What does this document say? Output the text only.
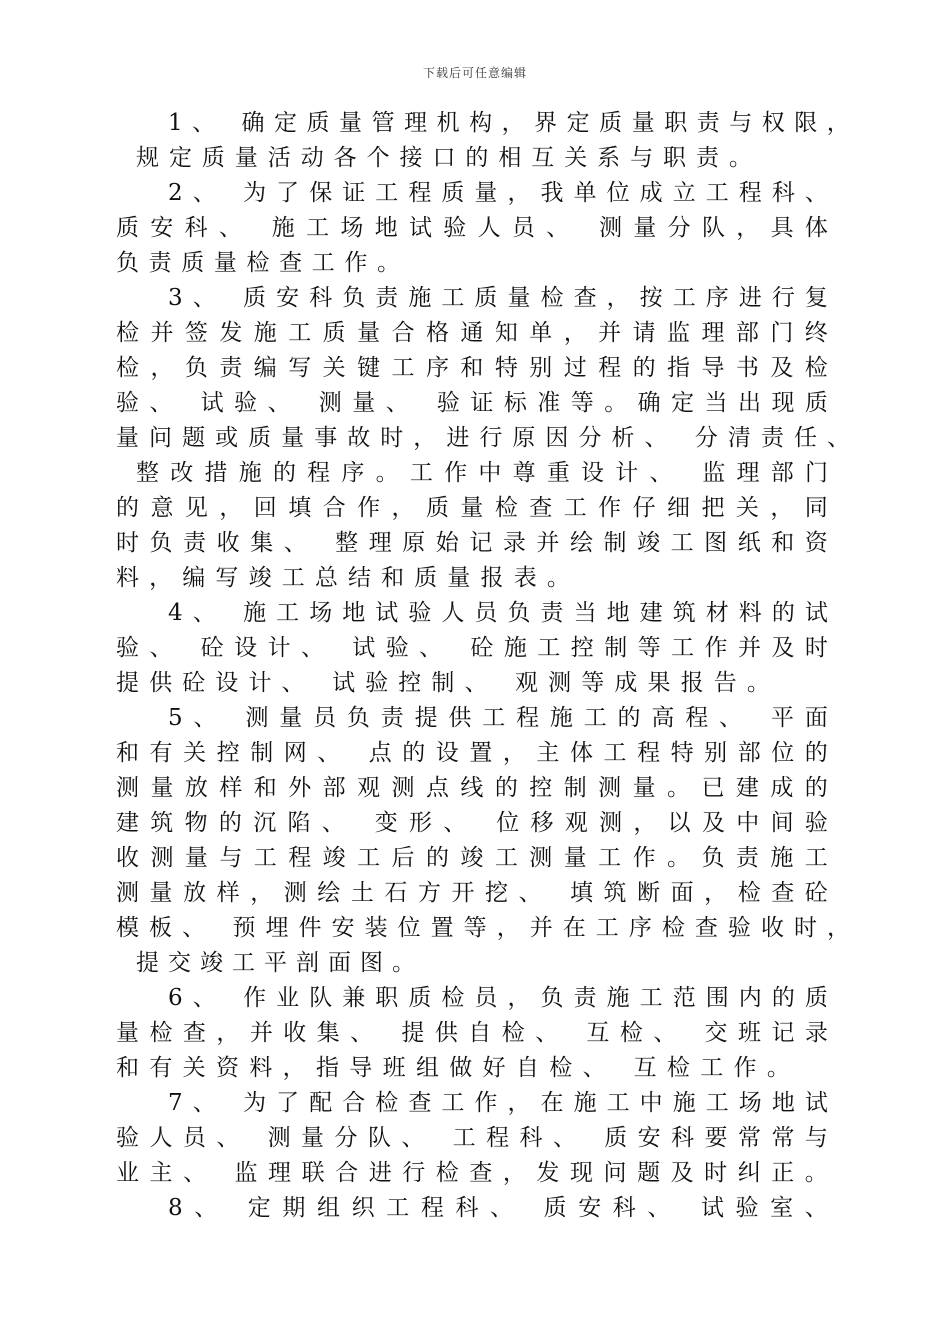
下载后可任意编辑
1 、
确 定 质 量 管 理 机 构 ， 界 定 质 量 职 责 与 权 限 ，
规 定 质 量 活 动 各 个 接 口 的 相 互 关 系 与 职 责 。
2 、
为 了 保 证 工 程 质 量 ， 我 单 位 成 立 工 程 科 、
质 安 科 、
施 工 场 地 试 验 人 员 、
测 量 分 队 ， 具 体
负 责 质 量 检 查 工 作 。
3 、
质 安 科 负 责 施 工 质 量 检 查 ， 按 工 序 进 行 复
检 并 签 发 施 工 质 量 合 格 通 知 单 ， 并 请 监 理 部 门 终
检 ， 负 责 编 写 关 键 工 序 和 特 别 过 程 的 指 导 书 及 检
验 、
试 验 、
测 量 、
验 证 标 准 等 。 确 定 当 出 现 质
量 问 题 或 质 量 事 故 时 ， 进 行 原 因 分 析 、
分 清 责 任 、
整 改 措 施 的 程 序 。 工 作 中 尊 重 设 计 、
监 理 部 门
的 意 见 ， 回 填 合 作 ， 质 量 检 查 工 作 仔 细 把 关 ， 同
时 负 责 收 集 、
整 理 原 始 记 录 并 绘 制 竣 工 图 纸 和 资
料 ， 编 写 竣 工 总 结 和 质 量 报 表 。
4 、
施 工 场 地 试 验 人 员 负 责 当 地 建 筑 材 料 的 试
验 、
砼 设 计 、
试 验 、
砼 施 工 控 制 等 工 作 并 及 时
提 供 砼 设 计 、
试 验 控 制 、
观 测 等 成 果 报 告 。
5 、
测 量 员 负 责 提 供 工 程 施 工 的 高 程 、
平 面
和 有 关 控 制 网 、
点 的 设 置 ， 主 体 工 程 特 别 部 位 的
测 量 放 样 和 外 部 观 测 点 线 的 控 制 测 量 。 已 建 成 的
建 筑 物 的 沉 陷 、
变 形 、
位 移 观 测 ， 以 及 中 间 验
收 测 量 与 工 程 竣 工 后 的 竣 工 测 量 工 作 。 负 责 施 工
测 量 放 样 ， 测 绘 土 石 方 开 挖 、
填 筑 断 面 ， 检 查 砼
模 板 、
预 埋 件 安 装 位 置 等 ， 并 在 工 序 检 查 验 收 时 ，
提 交 竣 工 平 剖 面 图 。
6 、
作 业 队 兼 职 质 检 员 ， 负 责 施 工 范 围 内 的 质
量 检 查 ， 并 收 集 、
提 供 自 检 、
互 检 、
交 班 记 录
和 有 关 资 料 ， 指 导 班 组 做 好 自 检 、
互 检 工 作 。
7 、
为 了 配 合 检 查 工 作 ， 在 施 工 中 施 工 场 地 试
验 人 员 、
测 量 分 队 、
工 程 科 、
质 安 科 要 常 常 与
业 主 、
监 理 联 合 进 行 检 查 ， 发 现 问 题 及 时 纠 正 。
8 、
定 期 组 织 工 程 科 、
质 安 科 、
试 验 室 、
